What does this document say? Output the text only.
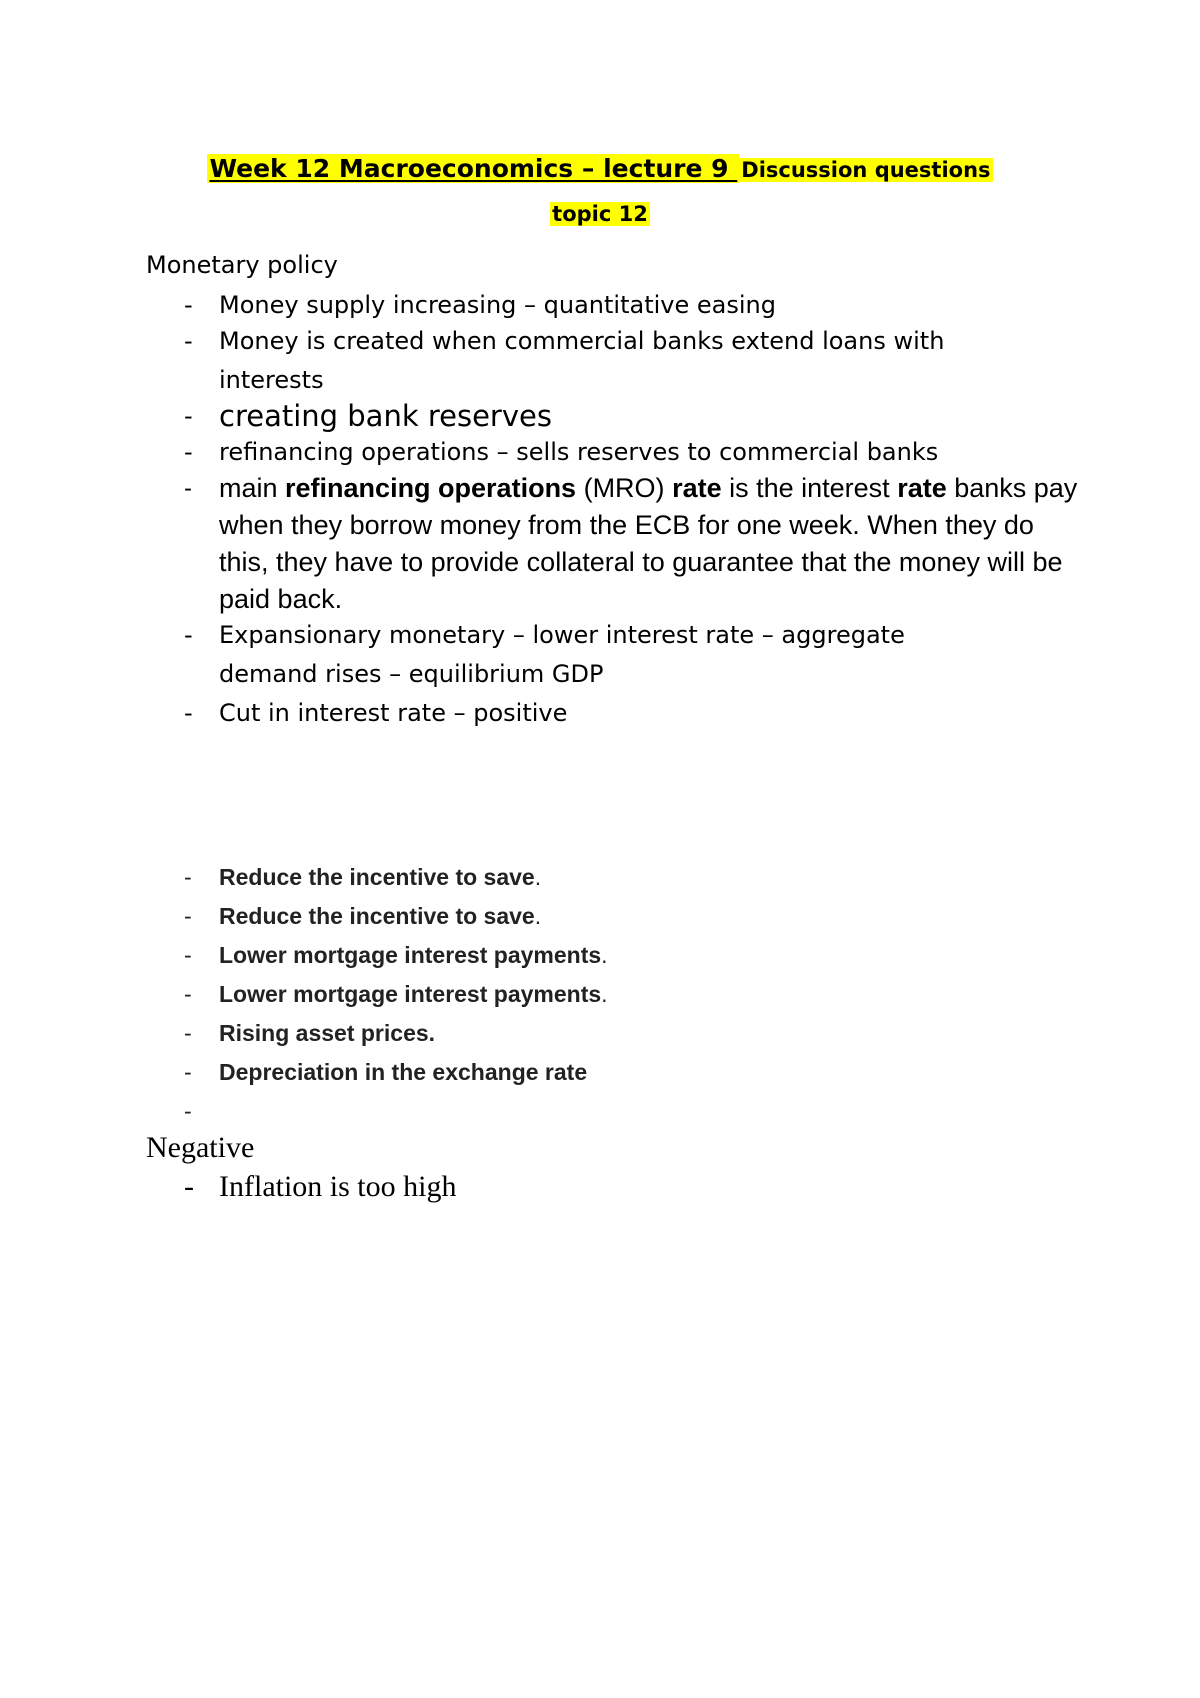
Week 12 Macroeconomics – lecture 9 Discussion questions
topic 12
Monetary policy
- Money supply increasing – quantitative easing
- Money is created when commercial banks extend loans with interests
- creating bank reserves
- refinancing operations – sells reserves to commercial banks
- main refinancing operations (MRO) rate is the interest rate banks pay when they borrow money from the ECB for one week. When they do this, they have to provide collateral to guarantee that the money will be paid back.
- Expansionary monetary – lower interest rate – aggregate demand rises – equilibrium GDP
- Cut in interest rate – positive
- Reduce the incentive to save.
- Reduce the incentive to save.
- Lower mortgage interest payments.
- Lower mortgage interest payments.
- Rising asset prices.
- Depreciation in the exchange rate
-

Negative
- Inflation is too high
